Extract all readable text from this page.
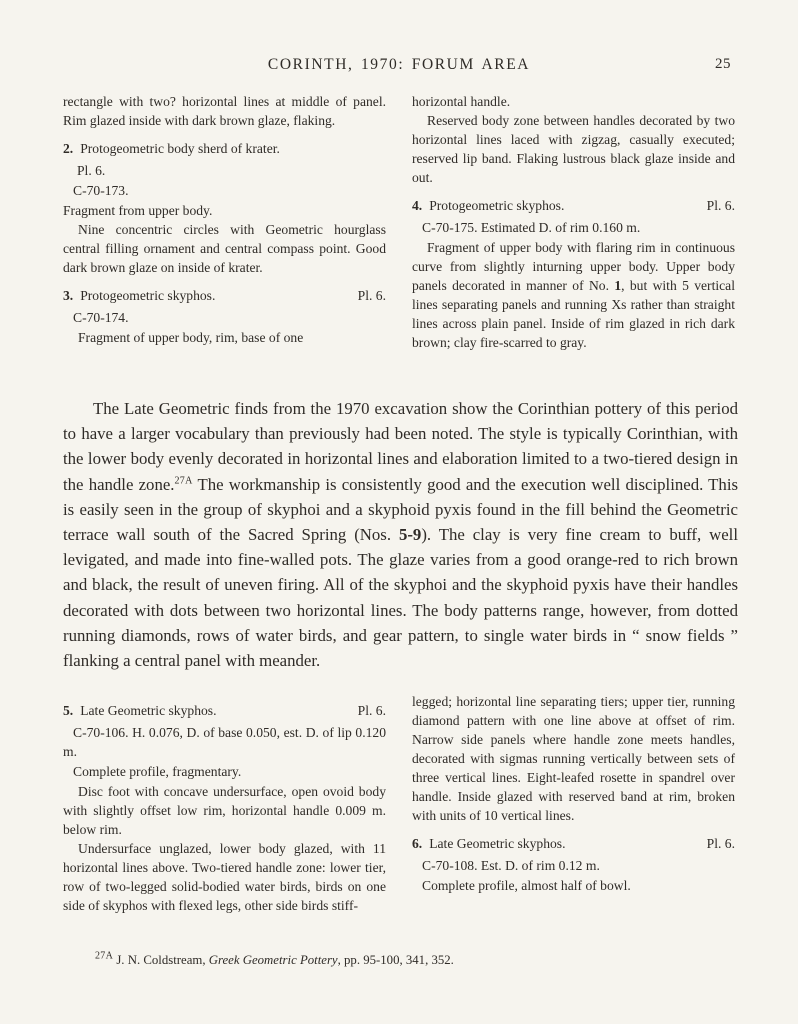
CORINTH, 1970: FORUM AREA	25

rectangle with two? horizontal lines at middle of panel. Rim glazed inside with dark brown glaze, flaking.

2. Protogeometric body sherd of krater.

Pl. 6.

C-70-173.

Fragment from upper body.

Nine concentric circles with Geometric hourglass central filling ornament and central compass point. Good dark brown glaze on inside of krater.

3. Protogeometric skyphos.	Pl. 6.

C-70-174.

Fragment of upper body, rim, base of one

horizontal handle.

Reserved body zone between handles decorated by two horizontal lines laced with zigzag, casually executed; reserved lip band. Flaking lustrous black glaze inside and out.

4. Protogeometric skyphos.	Pl. 6.

C-70-175. Estimated D. of rim 0.160 m.

Fragment of upper body with flaring rim in continuous curve from slightly inturning upper body. Upper body panels decorated in manner of No. 1, but with 5 vertical lines separating panels and running Xs rather than straight lines across plain panel. Inside of rim glazed in rich dark brown; clay fire-scarred to gray.

The Late Geometric finds from the 1970 excavation show the Corinthian pottery of this period to have a larger vocabulary than previously had been noted. The style is typically Corinthian, with the lower body evenly decorated in horizontal lines and elaboration limited to a two-tiered design in the handle zone.$^{27A}$ The workmanship is consistently good and the execution well disciplined. This is easily seen in the group of skyphoi and a skyphoid pyxis found in the fill behind the Geometric terrace wall south of the Sacred Spring (Nos. 5-9). The clay is very fine cream to buff, well levigated, and made into fine-walled pots. The glaze varies from a good orange-red to rich brown and black, the result of uneven firing. All of the skyphoi and the skyphoid pyxis have their handles decorated with dots between two horizontal lines. The body patterns range, however, from dotted running diamonds, rows of water birds, and gear pattern, to single water birds in “ snow fields ” flanking a central panel with meander.
5. Late Geometric skyphos.	Pl. 6.

C-70-106. H. 0.076, D. of base 0.050, est. D. of lip 0.120 m.

Complete profile, fragmentary.

Disc foot with concave undersurface, open ovoid body with slightly offset low rim, horizontal handle 0.009 m. below rim.

Undersurface unglazed, lower body glazed, with 11 horizontal lines above. Two-tiered handle zone: lower tier, row of two-legged solid-bodied water birds, birds on one side of skyphos with flexed legs, other side birds stiff-

legged; horizontal line separating tiers; upper tier, running diamond pattern with one line above at offset of rim. Narrow side panels where handle zone meets handles, decorated with sigmas running vertically between sets of three vertical lines. Eight-leafed rosette in spandrel over handle. Inside glazed with reserved band at rim, broken with units of 10 vertical lines.

6. Late Geometric skyphos.	Pl. 6.

C-70-108. Est. D. of rim 0.12 m.

Complete profile, almost half of bowl.

$^{27A}$ J. N. Coldstream, Greek Geometric Pottery, pp. 95-100, 341, 352.
